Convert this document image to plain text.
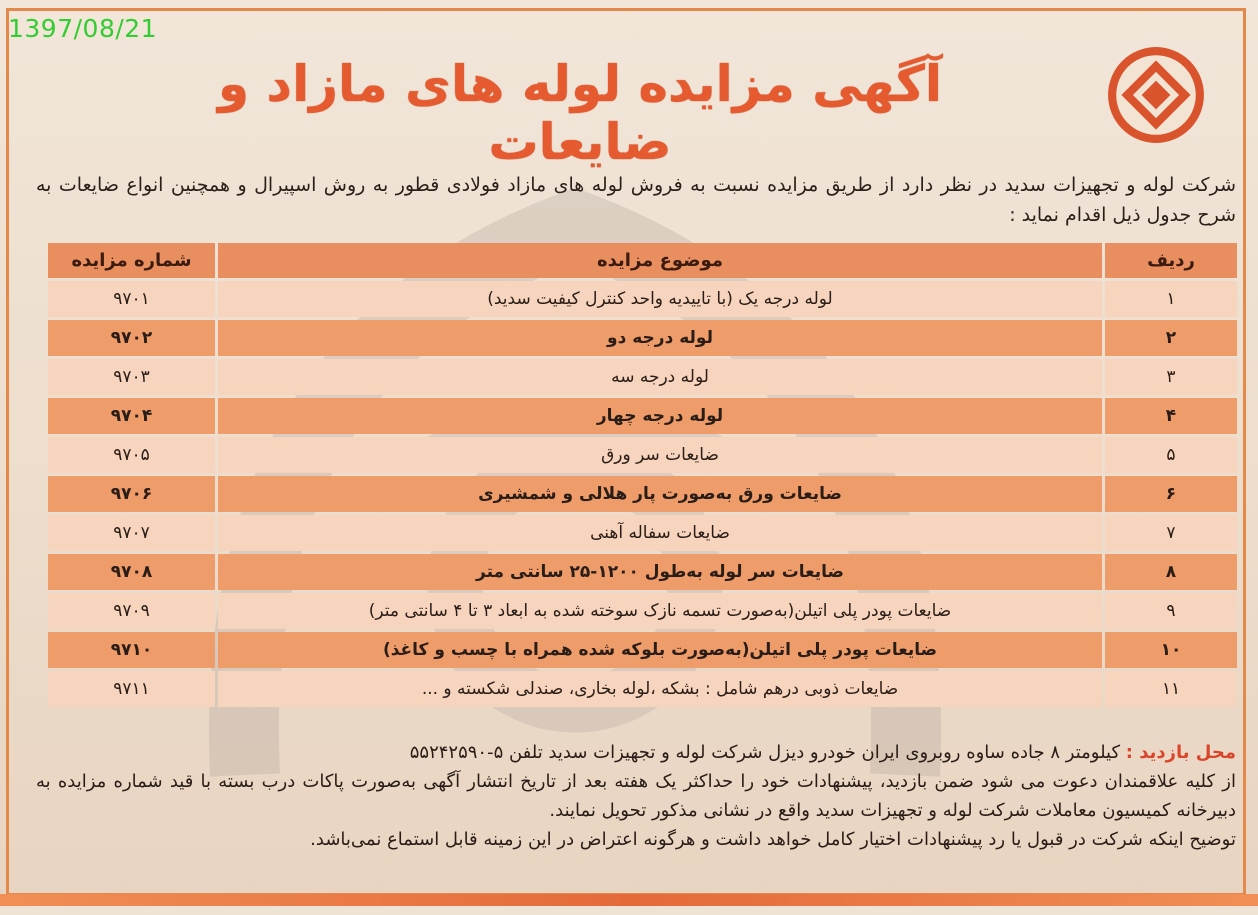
1397/08/21
آگهی مزایده لوله های مازاد و ضایعات
شرکت لوله و تجهیزات سدید در نظر دارد از طریق مزایده نسبت به فروش لوله های مازاد فولادی قطور به روش اسپیرال و همچنین انواع ضایعات به شرح جدول ذیل اقدام نماید :
ردیف	موضوع مزایده	شماره مزایده
۱	لوله درجه یک (با تاییدیه واحد کنترل کیفیت سدید)	۹۷۰۱
۲	لوله درجه دو	۹۷۰۲
۳	لوله درجه سه	۹۷۰۳
۴	لوله درجه چهار	۹۷۰۴
۵	ضایعات سر ورق	۹۷۰۵
۶	ضایعات ورق به‌صورت پار هلالی و شمشیری	۹۷۰۶
۷	ضایعات سفاله آهنی	۹۷۰۷
۸	ضایعات سر لوله به‌طول ۱۲۰۰-۲۵ سانتی متر	۹۷۰۸
۹	ضایعات پودر پلی اتیلن(به‌صورت تسمه نازک سوخته شده به ابعاد ۳ تا ۴ سانتی متر)	۹۷۰۹
۱۰	ضایعات پودر پلی اتیلن(به‌صورت بلوکه شده همراه با چسب و کاغذ)	۹۷۱۰
۱۱	ضایعات ذوبی درهم شامل : بشکه ،لوله بخاری، صندلی شکسته و ...	۹۷۱۱

محل بازدید : کیلومتر ۸ جاده ساوه روبروی ایران خودرو دیزل شرکت لوله و تجهیزات سدید تلفن ۵-۵۵۲۴۲۵۹۰

از کلیه علاقمندان دعوت می شود ضمن بازدید، پیشنهادات خود را حداکثر یک هفته بعد از تاریخ انتشار آگهی به‌صورت پاکات درب بسته با قید شماره مزایده به دبیرخانه کمیسیون معاملات شرکت لوله و تجهیزات سدید واقع در نشانی مذکور تحویل نمایند.

توضیح اینکه شرکت در قبول یا رد پیشنهادات اختیار کامل خواهد داشت و هرگونه اعتراض در این زمینه قابل استماع نمی‌باشد.
